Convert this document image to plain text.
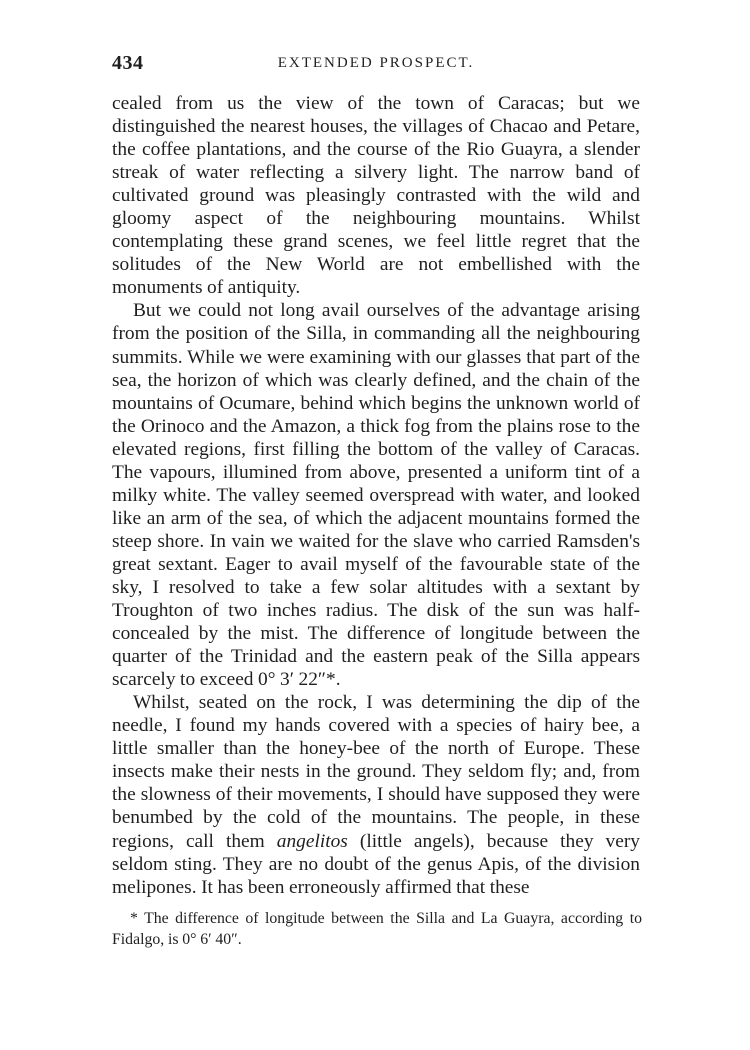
434	EXTENDED PROSPECT.

cealed from us the view of the town of Caracas; but we distinguished the nearest houses, the villages of Chacao and Petare, the coffee plantations, and the course of the Rio Guayra, a slender streak of water reflecting a silvery light. The narrow band of cultivated ground was pleasingly contrasted with the wild and gloomy aspect of the neighbouring mountains. Whilst contemplating these grand scenes, we feel little regret that the solitudes of the New World are not embellished with the monuments of antiquity.

But we could not long avail ourselves of the advantage arising from the position of the Silla, in commanding all the neighbouring summits. While we were examining with our glasses that part of the sea, the horizon of which was clearly defined, and the chain of the mountains of Ocumare, behind which begins the unknown world of the Orinoco and the Amazon, a thick fog from the plains rose to the elevated regions, first filling the bottom of the valley of Caracas. The vapours, illumined from above, presented a uniform tint of a milky white. The valley seemed overspread with water, and looked like an arm of the sea, of which the adjacent mountains formed the steep shore. In vain we waited for the slave who carried Ramsden's great sextant. Eager to avail myself of the favourable state of the sky, I resolved to take a few solar altitudes with a sextant by Troughton of two inches radius. The disk of the sun was half-concealed by the mist. The difference of longitude between the quarter of the Trinidad and the eastern peak of the Silla appears scarcely to exceed 0° 3′ 22″*.

Whilst, seated on the rock, I was determining the dip of the needle, I found my hands covered with a species of hairy bee, a little smaller than the honey-bee of the north of Europe. These insects make their nests in the ground. They seldom fly; and, from the slowness of their movements, I should have supposed they were benumbed by the cold of the mountains. The people, in these regions, call them angelitos (little angels), because they very seldom sting. They are no doubt of the genus Apis, of the division melipones. It has been erroneously affirmed that these

* The difference of longitude between the Silla and La Guayra, according to Fidalgo, is 0° 6′ 40″.
